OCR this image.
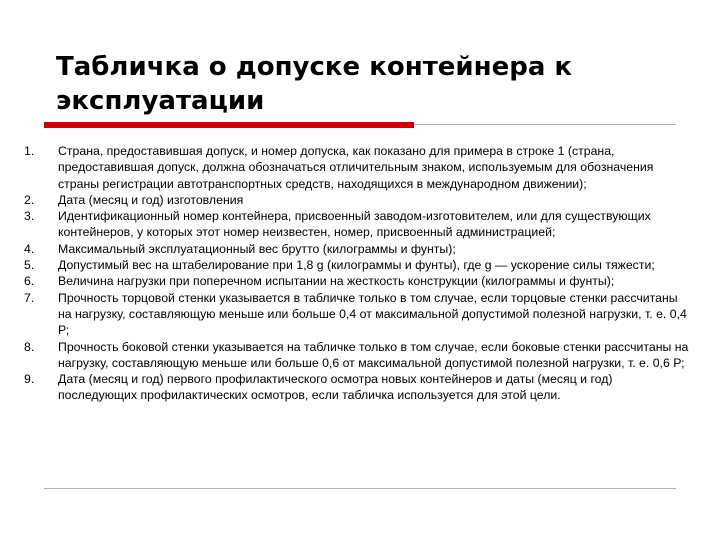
Табличка о допуске контейнера к эксплуатации
1.	Страна, предоставившая допуск, и номер допуска, как показано для примера в строке 1 (страна, предоставившая допуск, должна обозначаться отличительным знаком, используемым для обозначения страны регистрации автотранспортных средств, находящихся в международном движении);
2.	Дата (месяц и год) изготовления
3.	Идентификационный номер контейнера, присвоенный заводом-изготовителем, или для существующих контейнеров, у которых этот номер неизвестен, номер, присвоенный администрацией;
4.	Максимальный эксплуатационный вес брутто (килограммы и фунты);
5.	Допустимый вес на штабелирование при 1,8 g (килограммы и фунты), где g — ускорение силы тяжести;
6.	Величина нагрузки при поперечном испытании на жесткость конструкции (килограммы и фунты);
7.	Прочность торцовой стенки указывается в табличке только в том случае, если торцовые стенки рассчитаны на нагрузку, составляющую меньше или больше 0,4 от максимальной допустимой полезной нагрузки, т. е. 0,4 Р;
8.	Прочность боковой стенки указывается на табличке только в том случае, если боковые стенки рассчитаны на нагрузку, составляющую меньше или больше 0,6 от максимальной допустимой полезной нагрузки, т. е. 0,6 Р;
9.	Дата (месяц и год) первого профилактического осмотра новых контейнеров и даты (месяц и год) последующих профилактических осмотров, если табличка используется для этой цели.
